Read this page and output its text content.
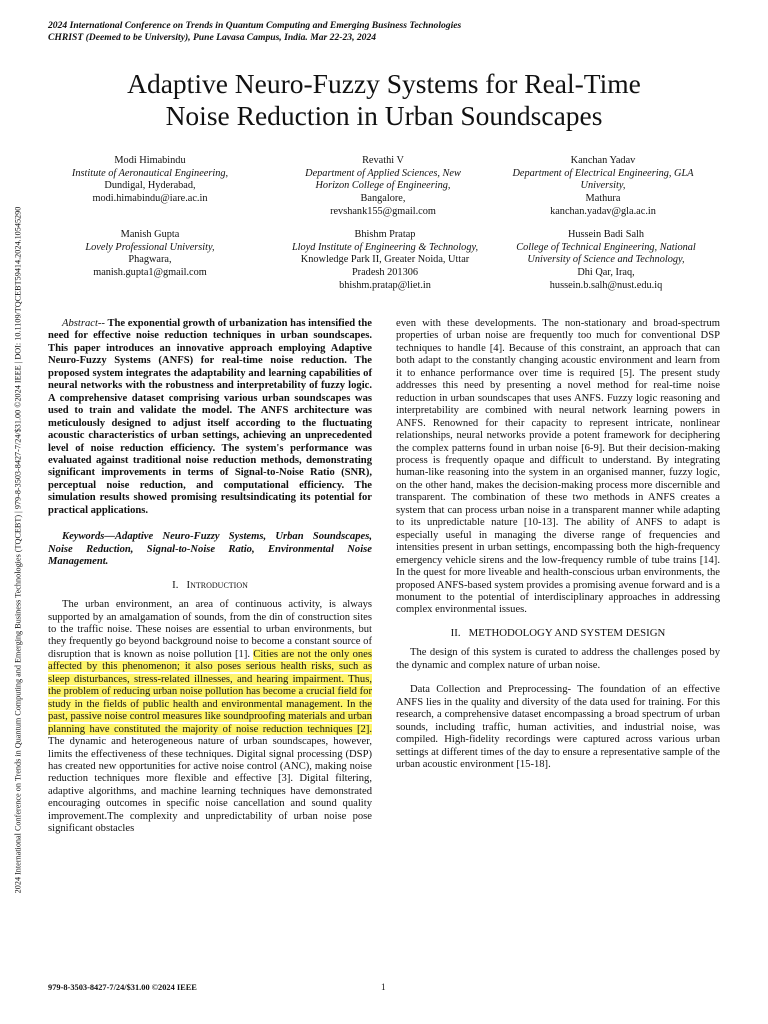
2024 International Conference on Trends in Quantum Computing and Emerging Business Technologies
CHRIST (Deemed to be University), Pune Lavasa Campus, India. Mar 22-23, 2024
2024 International Conference on Trends in Quantum Computing and Emerging Business Technologies (TQCEBT) | 979-8-3503-8427-7/24/$31.00 ©2024 IEEE | DOI: 10.1109/TQCEBT59414.2024.10545290
Adaptive Neuro-Fuzzy Systems for Real-Time
Noise Reduction in Urban Soundscapes
Modi Himabindu
Institute of Aeronautical Engineering,
Dundigal, Hyderabad,
modi.himabindu@iare.ac.in
Revathi V
Department of Applied Sciences, New
Horizon College of Engineering,
Bangalore,
revshank155@gmail.com
Kanchan Yadav
Department of Electrical Engineering, GLA
University,
Mathura
kanchan.yadav@gla.ac.in
Manish Gupta
Lovely Professional University,
Phagwara,
manish.gupta1@gmail.com
Bhishm Pratap
Lloyd Institute of Engineering & Technology,
Knowledge Park II, Greater Noida, Uttar
Pradesh 201306
bhishm.pratap@liet.in
Hussein Badi Salh
College of Technical Engineering, National
University of Science and Technology,
Dhi Qar, Iraq,
hussein.b.salh@nust.edu.iq

Abstract-- The exponential growth of urbanization has intensified the need for effective noise reduction techniques in urban soundscapes. This paper introduces an innovative approach employing Adaptive Neuro-Fuzzy Systems (ANFS) for real-time noise reduction. The proposed system integrates the adaptability and learning capabilities of neural networks with the robustness and interpretability of fuzzy logic. A comprehensive dataset comprising various urban soundscapes was used to train and validate the model. The ANFS architecture was meticulously designed to adjust itself according to the fluctuating acoustic characteristics of urban settings, achieving an unprecedented level of noise reduction efficiency. The system's performance was evaluated against traditional noise reduction methods, demonstrating significant improvements in terms of Signal-to-Noise Ratio (SNR), perceptual noise reduction, and computational efficiency. The simulation results showed promising resultsindicating its potential for practical applications.

Keywords—Adaptive Neuro-Fuzzy Systems, Urban Soundscapes, Noise Reduction, Signal-to-Noise Ratio, Environmental Noise Management.

I. Introduction

The urban environment, an area of continuous activity, is always supported by an amalgamation of sounds, from the din of construction sites to the traffic noise. These noises are essential to urban environments, but they frequently go beyond background noise to become a constant source of disruption that is known as noise pollution [1]. Cities are not the only ones affected by this phenomenon; it also poses serious health risks, such as sleep disturbances, stress-related illnesses, and hearing impairment. Thus, the problem of reducing urban noise pollution has become a crucial field for study in the fields of public health and environmental management. In the past, passive noise control measures like soundproofing materials and urban planning have constituted the majority of noise reduction techniques [2]. The dynamic and heterogeneous nature of urban soundscapes, however, limits the effectiveness of these techniques. Digital signal processing (DSP) has created new opportunities for active noise control (ANC), making noise reduction techniques more flexible and effective [3]. Digital filtering, adaptive algorithms, and machine learning techniques have demonstrated encouraging outcomes in specific noise cancellation and sound quality improvement.The complexity and unpredictability of urban noise pose significant obstacles

even with these developments. The non-stationary and broad-spectrum properties of urban noise are frequently too much for conventional DSP techniques to handle [4]. Because of this constraint, an approach that can both adapt to the constantly changing acoustic environment and learn from it to enhance performance over time is required [5]. The present study addresses this need by presenting a novel method for real-time noise reduction in urban soundscapes that uses ANFS. Fuzzy logic reasoning and interpretability are combined with neural network learning powers in ANFS. Renowned for their capacity to represent intricate, nonlinear relationships, neural networks provide a potent framework for deciphering the complex patterns found in urban noise [6-9]. But their decision-making process is frequently opaque and difficult to understand. By integrating human-like reasoning into the system in an organised manner, fuzzy logic, on the other hand, makes the decision-making process more discernible and transparent. The combination of these two methods in ANFS creates a system that can process urban noise in a transparent manner while adapting to its unpredictable nature [10-13]. The ability of ANFS to adapt is especially useful in managing the diverse range of frequencies and intensities present in urban settings, encompassing both the high-frequency emergency vehicle sirens and the low-frequency rumble of tube trains [14]. In the quest for more liveable and health-conscious urban environments, the proposed ANFS-based system provides a promising avenue forward and is a monument to the potential of interdisciplinary approaches in addressing complex environmental issues.

II. METHODOLOGY AND SYSTEM DESIGN

The design of this system is curated to address the challenges posed by the dynamic and complex nature of urban noise.

Data Collection and Preprocessing- The foundation of an effective ANFS lies in the quality and diversity of the data used for training. For this research, a comprehensive dataset encompassing a broad spectrum of urban sounds, including traffic, human activities, and industrial noise, was compiled. High-fidelity recordings were captured across various urban settings at different times of the day to ensure a representative sample of the urban acoustic environment [15-18].

979-8-3503-8427-7/24/$31.00 ©2024 IEEE	1
